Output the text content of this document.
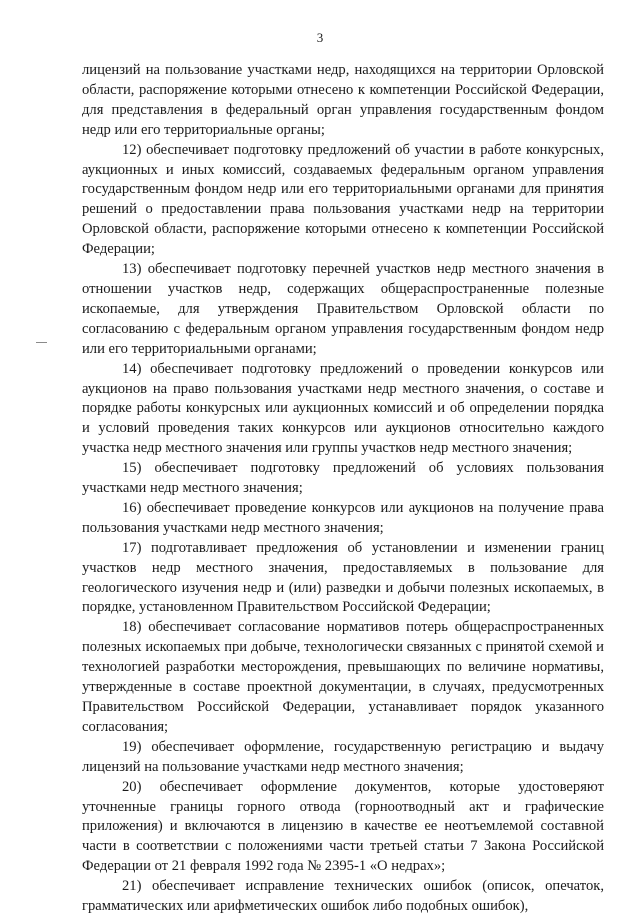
3

лицензий на пользование участками недр, находящихся на территории Орловской области, распоряжение которыми отнесено к компетенции Российской Федерации, для представления в федеральный орган управления государственным фондом недр или его территориальные органы;

12) обеспечивает подготовку предложений об участии в работе конкурсных, аукционных и иных комиссий, создаваемых федеральным органом управления государственным фондом недр или его территориальными органами для принятия решений о предоставлении права пользования участками недр на территории Орловской области, распоряжение которыми отнесено к компетенции Российской Федерации;

13) обеспечивает подготовку перечней участков недр местного значения в отношении участков недр, содержащих общераспространенные полезные ископаемые, для утверждения Правительством Орловской области по согласованию с федеральным органом управления государственным фондом недр или его территориальными органами;

14) обеспечивает подготовку предложений о проведении конкурсов или аукционов на право пользования участками недр местного значения, о составе и порядке работы конкурсных или аукционных комиссий и об определении порядка и условий проведения таких конкурсов или аукционов относительно каждого участка недр местного значения или группы участков недр местного значения;

15) обеспечивает подготовку предложений об условиях пользования участками недр местного значения;

16) обеспечивает проведение конкурсов или аукционов на получение права пользования участками недр местного значения;

17) подготавливает предложения об установлении и изменении границ участков недр местного значения, предоставляемых в пользование для геологического изучения недр и (или) разведки и добычи полезных ископаемых, в порядке, установленном Правительством Российской Федерации;

18) обеспечивает согласование нормативов потерь общераспространенных полезных ископаемых при добыче, технологически связанных с принятой схемой и технологией разработки месторождения, превышающих по величине нормативы, утвержденные в составе проектной документации, в случаях, предусмотренных Правительством Российской Федерации, устанавливает порядок указанного согласования;

19) обеспечивает оформление, государственную регистрацию и выдачу лицензий на пользование участками недр местного значения;

20) обеспечивает оформление документов, которые удостоверяют уточненные границы горного отвода (горноотводный акт и графические приложения) и включаются в лицензию в качестве ее неотъемлемой составной части в соответствии с положениями части третьей статьи 7 Закона Российской Федерации от 21 февраля 1992 года № 2395-1 «О недрах»;

21) обеспечивает исправление технических ошибок (описок, опечаток, грамматических или арифметических ошибок либо подобных ошибок),
